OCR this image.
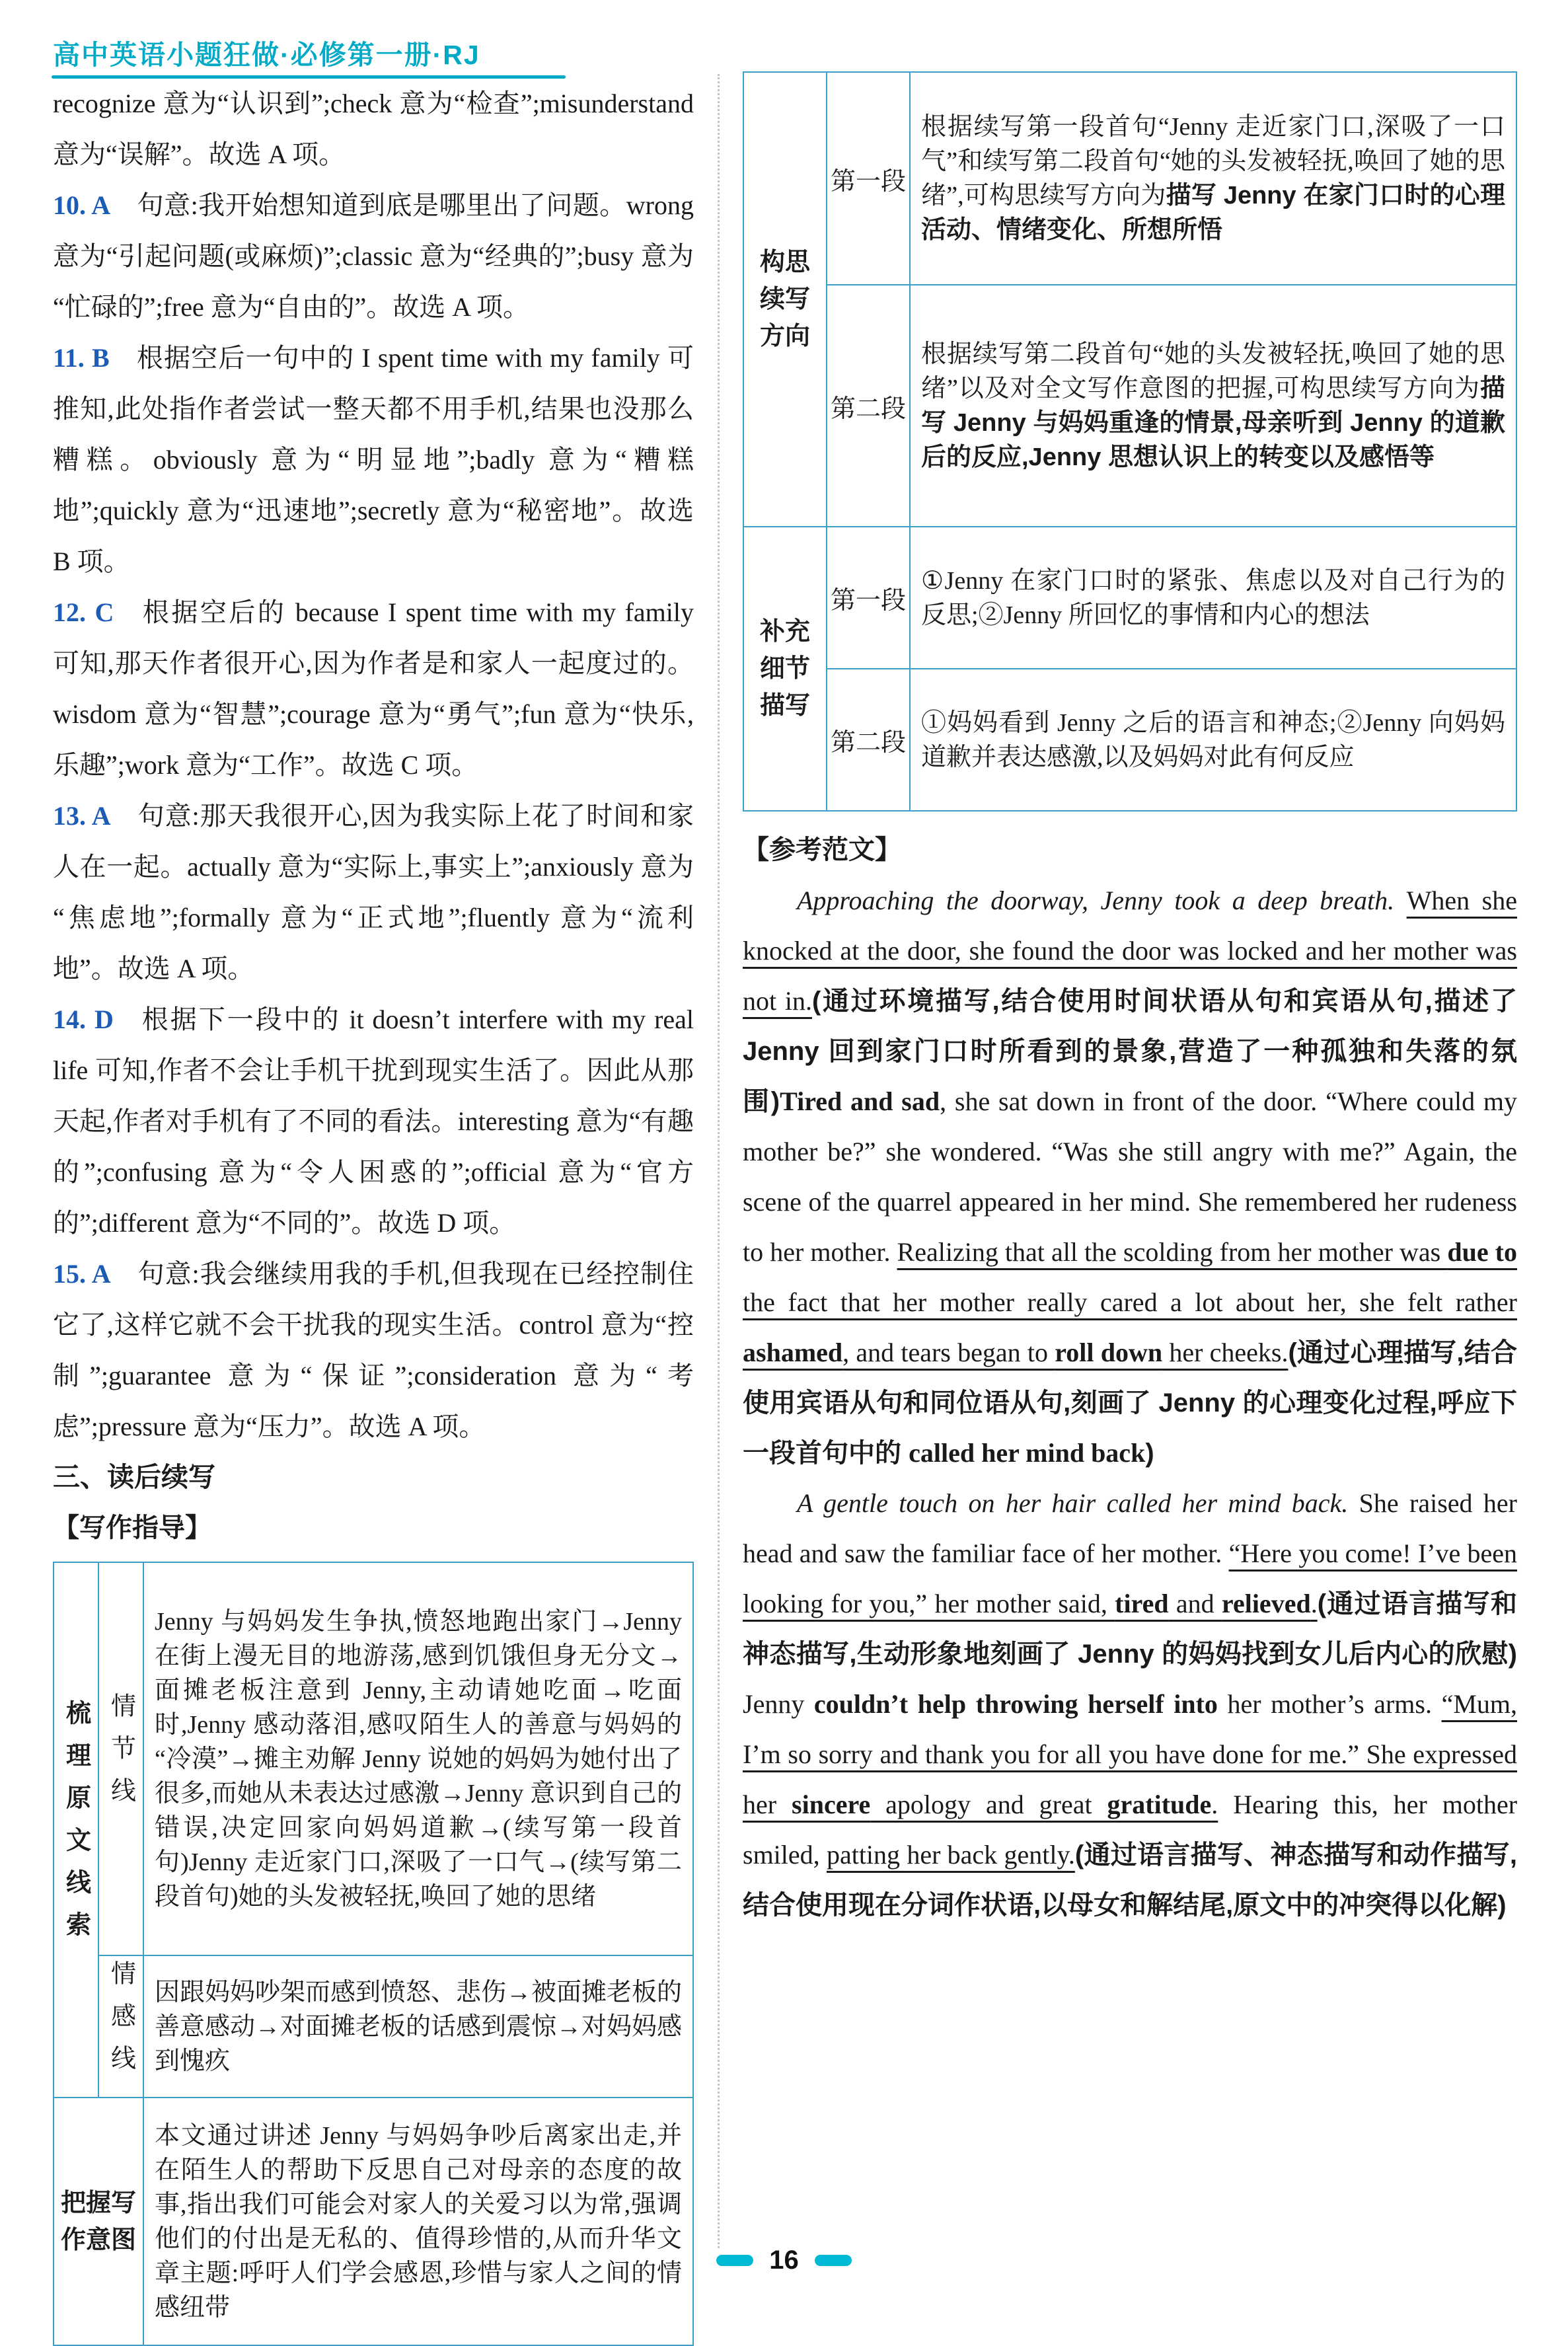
高中英语小题狂做·必修第一册·RJ
recognize 意为“认识到”;check 意为“检查”;misunderstand 意为“误解”。故选 A 项。
10. A 句意:我开始想知道到底是哪里出了问题。wrong 意为“引起问题(或麻烦)”;classic 意为“经典的”;busy 意为“忙碌的”;free 意为“自由的”。故选 A 项。
11. B 根据空后一句中的 I spent time with my family 可推知,此处指作者尝试一整天都不用手机,结果也没那么糟糕。obviously 意为“明显地”;badly 意为“糟糕地”;quickly 意为“迅速地”;secretly 意为“秘密地”。故选 B 项。
12. C 根据空后的 because I spent time with my family 可知,那天作者很开心,因为作者是和家人一起度过的。wisdom 意为“智慧”;courage 意为“勇气”;fun 意为“快乐,乐趣”;work 意为“工作”。故选 C 项。
13. A 句意:那天我很开心,因为我实际上花了时间和家人在一起。actually 意为“实际上,事实上”;anxiously 意为“焦虑地”;formally 意为“正式地”;fluently 意为“流利地”。故选 A 项。
14. D 根据下一段中的 it doesn’t interfere with my real life 可知,作者不会让手机干扰到现实生活了。因此从那天起,作者对手机有了不同的看法。interesting 意为“有趣的”;confusing 意为“令人困惑的”;official 意为“官方的”;different 意为“不同的”。故选 D 项。
15. A 句意:我会继续用我的手机,但我现在已经控制住它了,这样它就不会干扰我的现实生活。control 意为“控制”;guarantee 意为“保证”;consideration 意为“考虑”;pressure 意为“压力”。故选 A 项。
三、读后续写
【写作指导】
梳理原文线索	情节线	Jenny 与妈妈发生争执,愤怒地跑出家门→Jenny 在街上漫无目的地游荡,感到饥饿但身无分文→面摊老板注意到 Jenny,主动请她吃面→吃面时,Jenny 感动落泪,感叹陌生人的善意与妈妈的“冷漠”→摊主劝解 Jenny 说她的妈妈为她付出了很多,而她从未表达过感激→Jenny 意识到自己的错误,决定回家向妈妈道歉→(续写第一段首句)Jenny 走近家门口,深吸了一口气→(续写第二段首句)她的头发被轻抚,唤回了她的思绪
	情感线	因跟妈妈吵架而感到愤怒、悲伤→被面摊老板的善意感动→对面摊老板的话感到震惊→对妈妈感到愧疚
把握写作意图		本文通过讲述 Jenny 与妈妈争吵后离家出走,并在陌生人的帮助下反思自己对母亲的态度的故事,指出我们可能会对家人的关爱习以为常,强调他们的付出是无私的、值得珍惜的,从而升华文章主题:呼吁人们学会感恩,珍惜与家人之间的情感纽带
构思续写方向	第一段	根据续写第一段首句“Jenny 走近家门口,深吸了一口气”和续写第二段首句“她的头发被轻抚,唤回了她的思绪”,可构思续写方向为描写 Jenny 在家门口时的心理活动、情绪变化、所想所悟
	第二段	根据续写第二段首句“她的头发被轻抚,唤回了她的思绪”以及对全文写作意图的把握,可构思续写方向为描写 Jenny 与妈妈重逢的情景,母亲听到 Jenny 的道歉后的反应,Jenny 思想认识上的转变以及感悟等
补充细节描写	第一段	①Jenny 在家门口时的紧张、焦虑以及对自己行为的反思;②Jenny 所回忆的事情和内心的想法
	第二段	①妈妈看到 Jenny 之后的语言和神态;②Jenny 向妈妈道歉并表达感激,以及妈妈对此有何反应
【参考范文】
Approaching the doorway, Jenny took a deep breath. When she knocked at the door, she found the door was locked and her mother was not in.(通过环境描写,结合使用时间状语从句和宾语从句,描述了 Jenny 回到家门口时所看到的景象,营造了一种孤独和失落的氛围)Tired and sad, she sat down in front of the door. “Where could my mother be?” she wondered. “Was she still angry with me?” Again, the scene of the quarrel appeared in her mind. She remembered her rudeness to her mother. Realizing that all the scolding from her mother was due to the fact that her mother really cared a lot about her, she felt rather ashamed, and tears began to roll down her cheeks.(通过心理描写,结合使用宾语从句和同位语从句,刻画了 Jenny 的心理变化过程,呼应下一段首句中的 called her mind back)
A gentle touch on her hair called her mind back. She raised her head and saw the familiar face of her mother. “Here you come! I’ve been looking for you,” her mother said, tired and relieved.(通过语言描写和神态描写,生动形象地刻画了 Jenny 的妈妈找到女儿后内心的欣慰) Jenny couldn’t help throwing herself into her mother’s arms. “Mum, I’m so sorry and thank you for all you have done for me.” She expressed her sincere apology and great gratitude. Hearing this, her mother smiled, patting her back gently.(通过语言描写、神态描写和动作描写,结合使用现在分词作状语,以母女和解结尾,原文中的冲突得以化解)
16
